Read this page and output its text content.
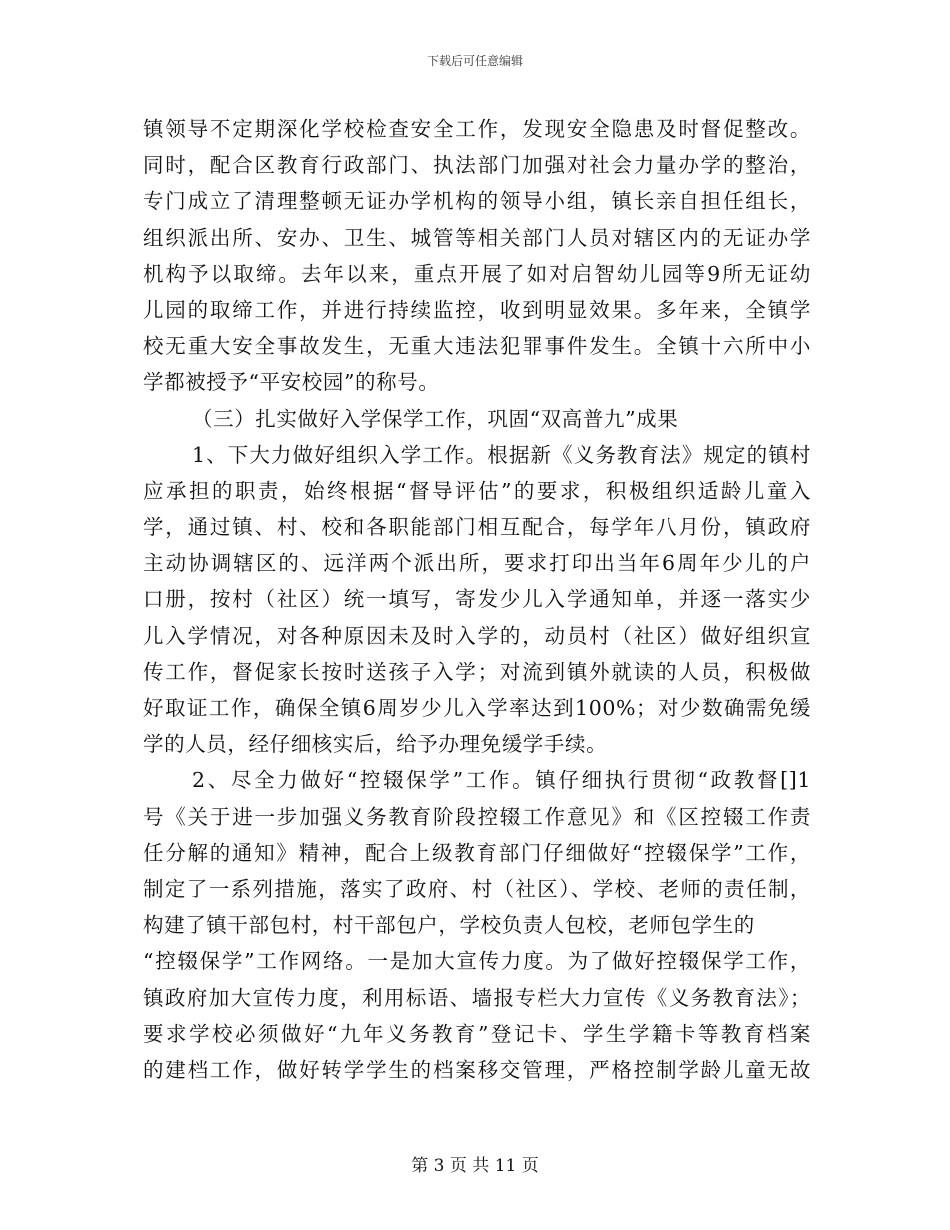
下载后可任意编辑
镇领导不定期深化学校检查安全工作，发现安全隐患及时督促整改。
同时，配合区教育行政部门、执法部门加强对社会力量办学的整治，
专门成立了清理整顿无证办学机构的领导小组，镇长亲自担任组长，
组织派出所、安办、卫生、城管等相关部门人员对辖区内的无证办学
机构予以取缔。去年以来，重点开展了如对启智幼儿园等9所无证幼
儿园的取缔工作，并进行持续监控，收到明显效果。多年来，全镇学
校无重大安全事故发生，无重大违法犯罪事件发生。全镇十六所中小
学都被授予“平安校园”的称号。
（三）扎实做好入学保学工作，巩固“双高普九”成果
1、下大力做好组织入学工作。根据新《义务教育法》规定的镇村
应承担的职责，始终根据“督导评估”的要求，积极组织适龄儿童入
学，通过镇、村、校和各职能部门相互配合，每学年八月份，镇政府
主动协调辖区的、远洋两个派出所，要求打印出当年6周年少儿的户
口册，按村（社区）统一填写，寄发少儿入学通知单，并逐一落实少
儿入学情况，对各种原因未及时入学的，动员村（社区）做好组织宣
传工作，督促家长按时送孩子入学；对流到镇外就读的人员，积极做
好取证工作，确保全镇6周岁少儿入学率达到100%；对少数确需免缓
学的人员，经仔细核实后，给予办理免缓学手续。
2、尽全力做好“控辍保学”工作。镇仔细执行贯彻“政教督[]1
号《关于进一步加强义务教育阶段控辍工作意见》和《区控辍工作责
任分解的通知》精神，配合上级教育部门仔细做好“控辍保学”工作，
制定了一系列措施，落实了政府、村（社区）、学校、老师的责任制，
构建了镇干部包村，村干部包户，学校负责人包校，老师包学生的
“控辍保学”工作网络。一是加大宣传力度。为了做好控辍保学工作，
镇政府加大宣传力度，利用标语、墙报专栏大力宣传《义务教育法》；
要求学校必须做好“九年义务教育”登记卡、学生学籍卡等教育档案
的建档工作，做好转学学生的档案移交管理，严格控制学龄儿童无故
第 3 页 共 11 页
